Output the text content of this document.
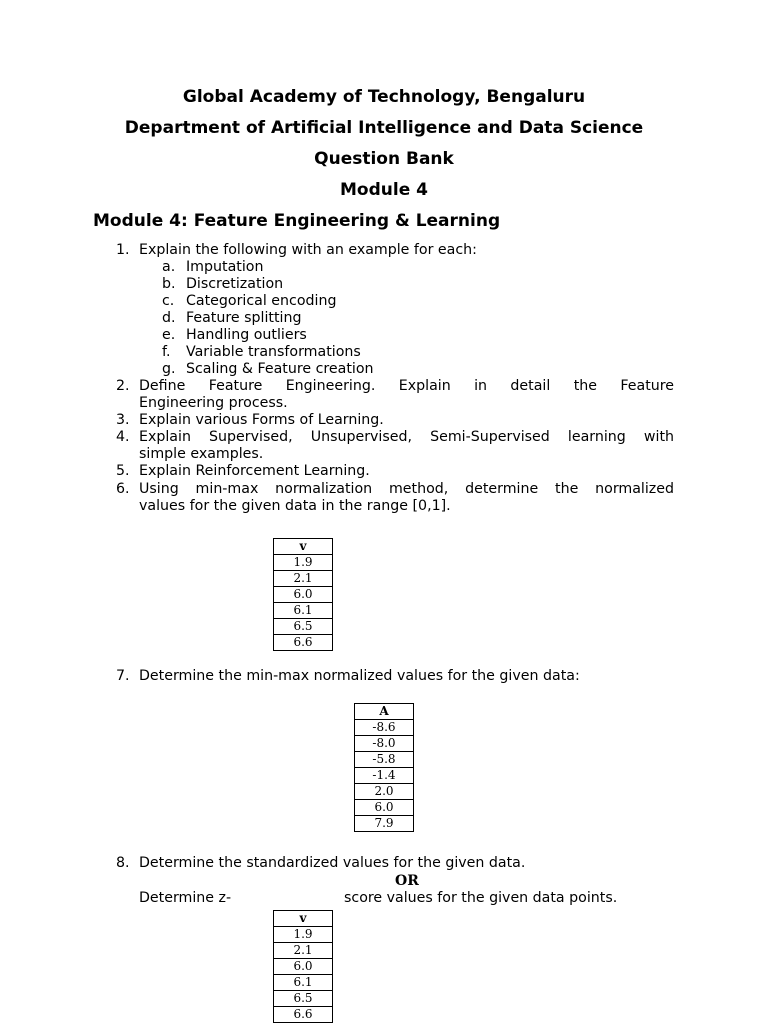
Global Academy of Technology, Bengaluru
Department of Artificial Intelligence and Data Science
Question Bank
Module 4
Module 4: Feature Engineering & Learning
1. Explain the following with an example for each:
a. Imputation
b. Discretization
c. Categorical encoding
d. Feature splitting
e. Handling outliers
f. Variable transformations
g. Scaling & Feature creation
2. Define Feature Engineering. Explain in detail the Feature
Engineering process.
3. Explain various Forms of Learning.
4. Explain Supervised, Unsupervised, Semi-Supervised learning with
simple examples.
5. Explain Reinforcement Learning.
6. Using min-max normalization method, determine the normalized
values for the given data in the range [0,1].
v
1.9
2.1
6.0
6.1
6.5
6.6
7. Determine the min-max normalized values for the given data:
A
-8.6
-8.0
-5.8
-1.4
2.0
6.0
7.9
8. Determine the standardized values for the given data.
OR
Determine z-	score values for the given data points.
v
1.9
2.1
6.0
6.1
6.5
6.6
